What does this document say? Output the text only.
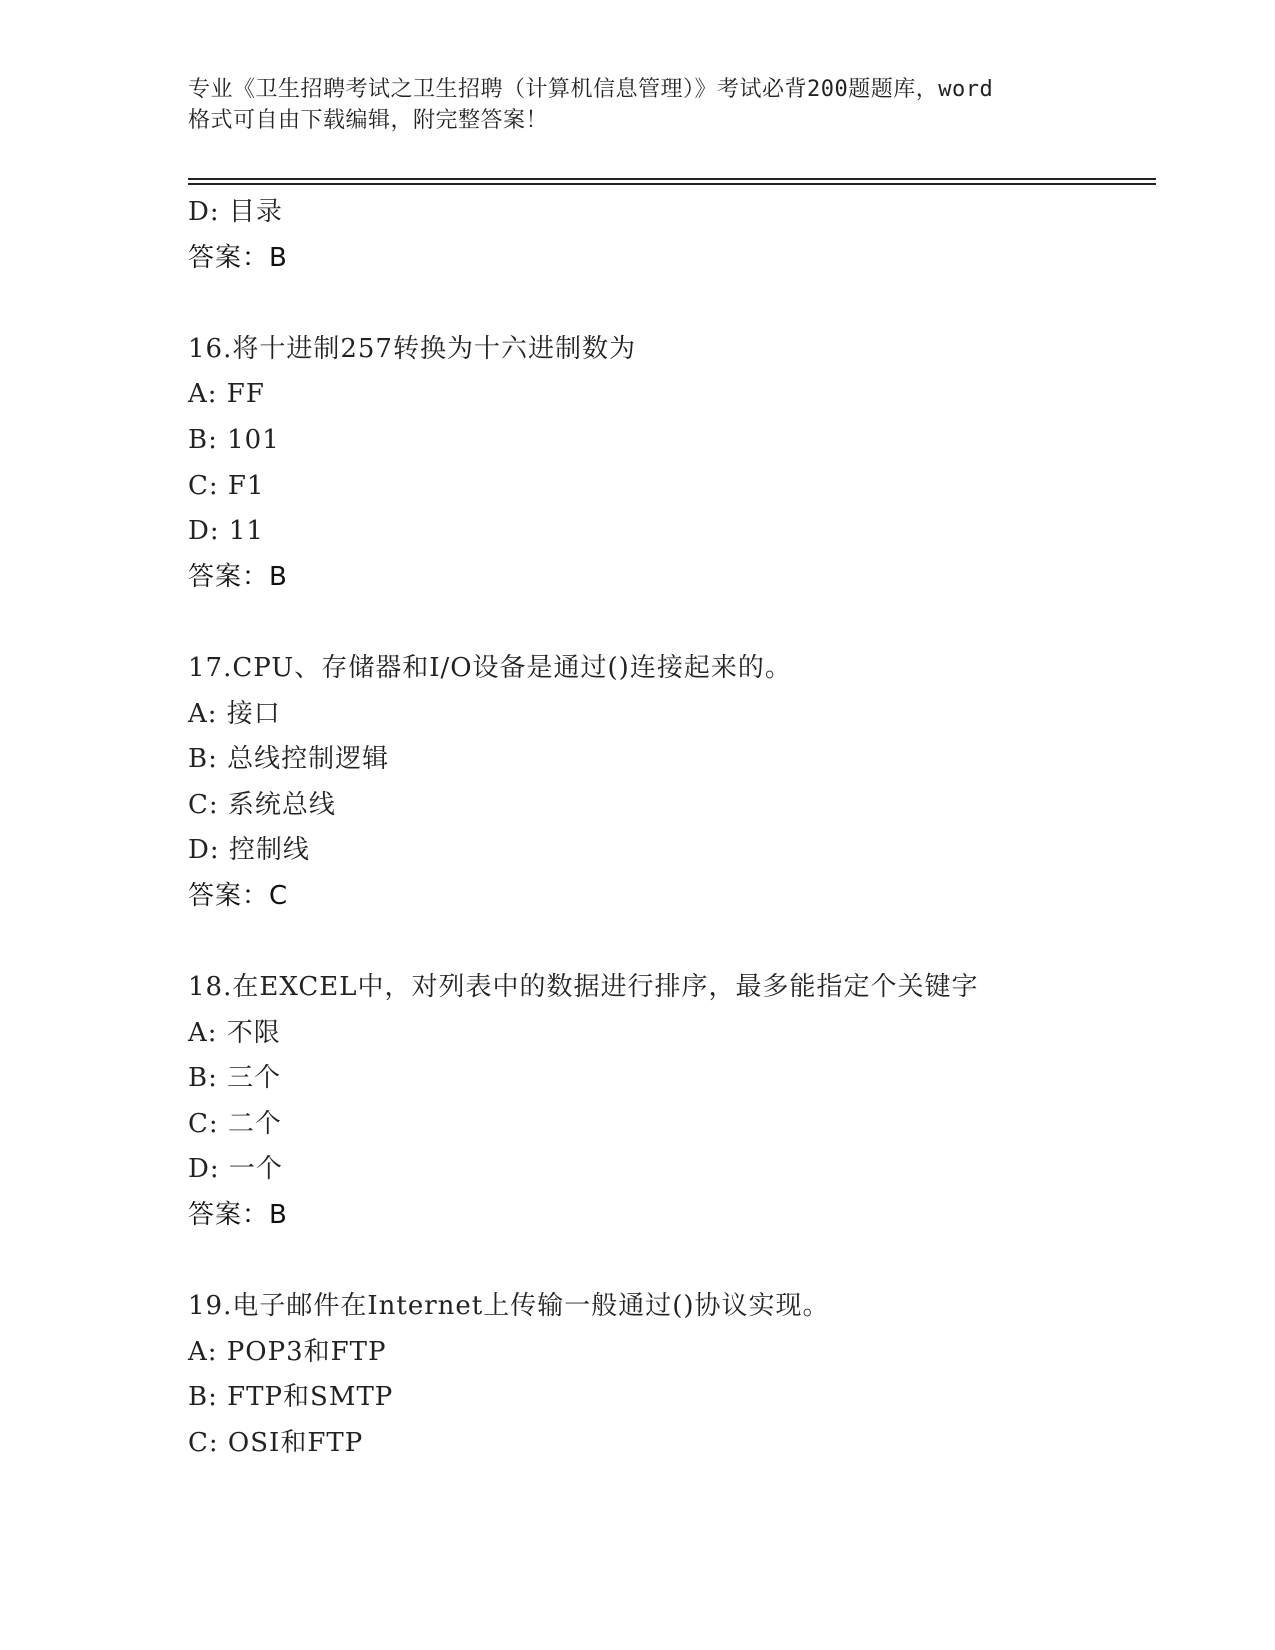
专业《卫生招聘考试之卫生招聘（计算机信息管理）》考试必背200题题库，word
格式可自由下载编辑，附完整答案！
D: 目录
答案：B
16.将十进制257转换为十六进制数为
A: FF
B: 101
C: F1
D: 11
答案：B
17.CPU、存储器和I/O设备是通过()连接起来的。
A: 接口
B: 总线控制逻辑
C: 系统总线
D: 控制线
答案：C
18.在EXCEL中，对列表中的数据进行排序，最多能指定个关键字
A: 不限
B: 三个
C: 二个
D: 一个
答案：B
19.电子邮件在Internet上传输一般通过()协议实现。
A: POP3和FTP
B: FTP和SMTP
C: OSI和FTP
